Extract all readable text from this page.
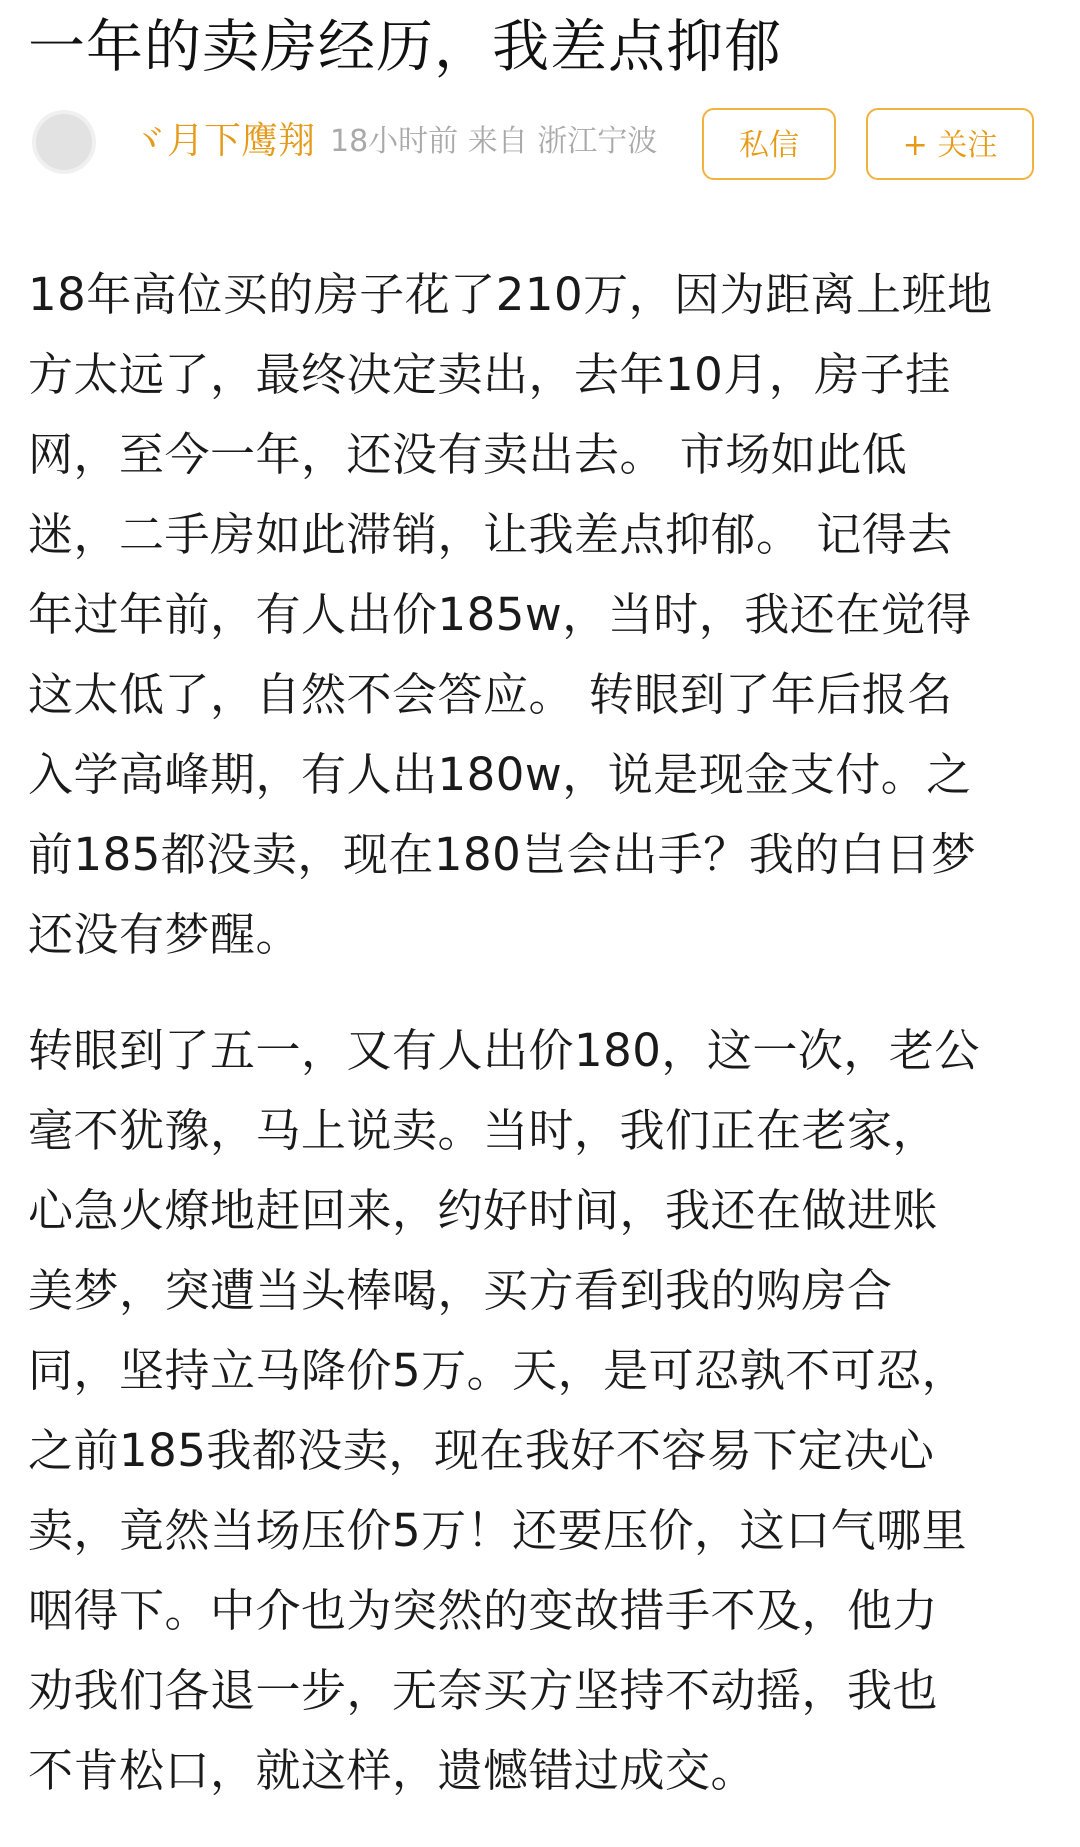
一年的卖房经历，我差点抑郁
ヾ月下鹰翔 18小时前 来自 浙江宁波	私信	+ 关注

18年高位买的房子花了210万，因为距离上班地
方太远了，最终决定卖出，去年10月，房子挂
网，至今一年，还没有卖出去。 市场如此低
迷，二手房如此滞销，让我差点抑郁。 记得去
年过年前，有人出价185w，当时，我还在觉得
这太低了，自然不会答应。 转眼到了年后报名
入学高峰期，有人出180w，说是现金支付。之
前185都没卖，现在180岂会出手？我的白日梦
还没有梦醒。

转眼到了五一，又有人出价180，这一次，老公
毫不犹豫，马上说卖。当时，我们正在老家，
心急火燎地赶回来，约好时间，我还在做进账
美梦，突遭当头棒喝，买方看到我的购房合
同，坚持立马降价5万。天，是可忍孰不可忍，
之前185我都没卖，现在我好不容易下定决心
卖，竟然当场压价5万！还要压价，这口气哪里
咽得下。中介也为突然的变故措手不及，他力
劝我们各退一步，无奈买方坚持不动摇，我也
不肯松口，就这样，遗憾错过成交。
